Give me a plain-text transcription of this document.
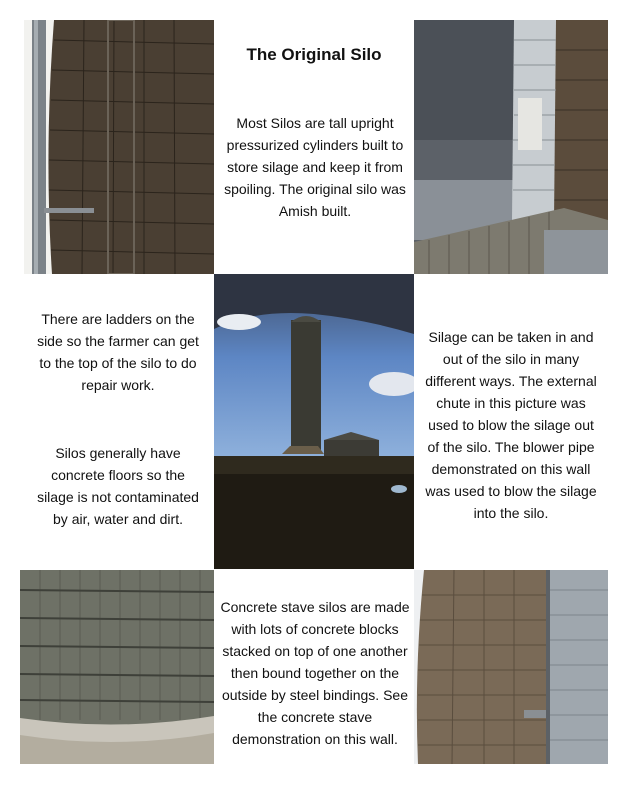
The Original Silo
Most Silos are tall upright pressurized cylinders built to store silage and keep it from spoiling. The original silo was Amish built.
There are ladders on the side so the farmer can get to the top of the silo to do repair work.
Silos generally have concrete floors so the silage is not contaminated by air, water and dirt.
Silage can be taken in and out of the silo in many different ways. The external chute in this picture was used to blow the silage out of the silo. The blower pipe demonstrated on this wall was used to blow the silage into the silo.
Concrete stave silos are made with lots of concrete blocks stacked on top of one another then bound together on the outside by steel bindings. See the concrete stave demonstration on this wall.
